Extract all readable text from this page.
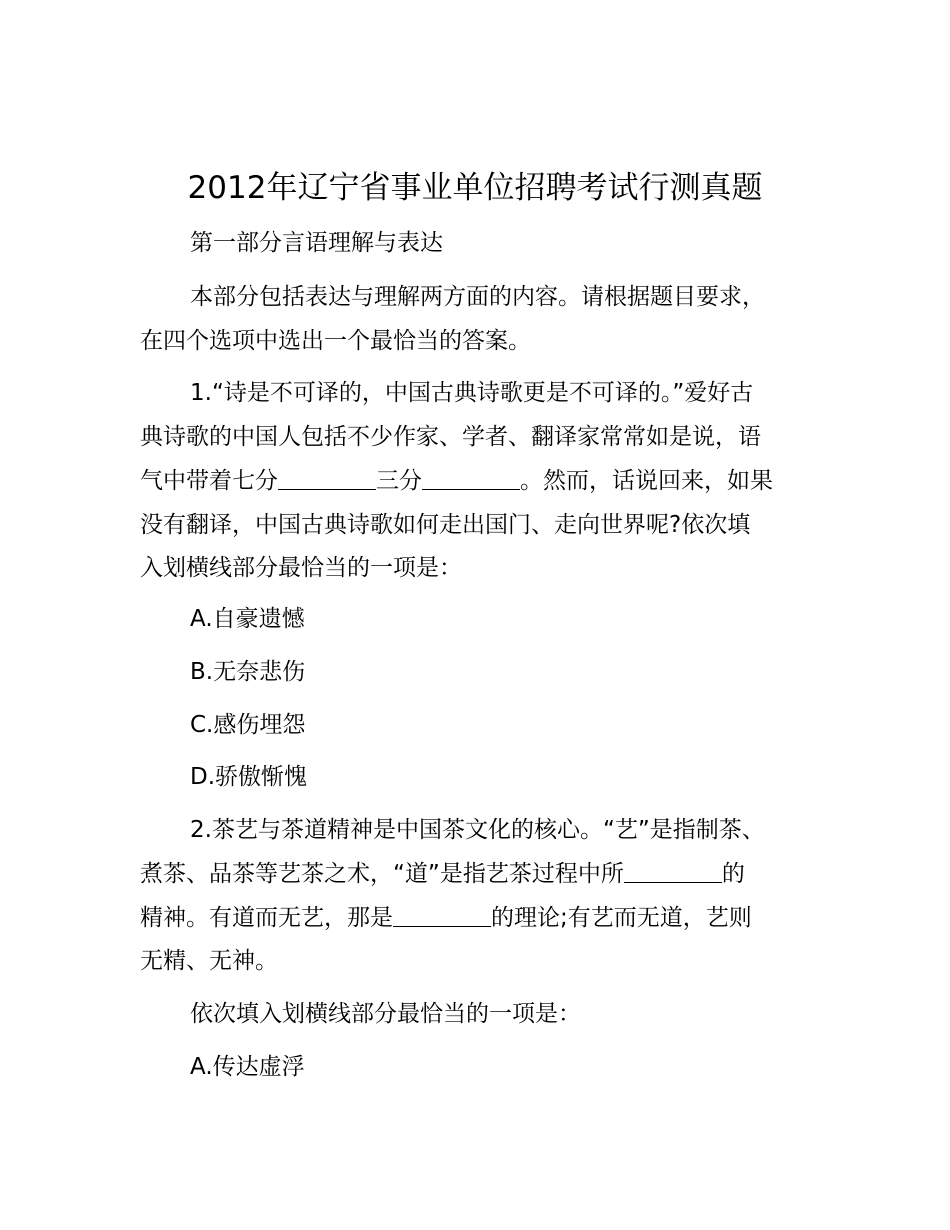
2012年辽宁省事业单位招聘考试行测真题

第一部分言语理解与表达

本部分包括表达与理解两方面的内容。请根据题目要求，

在四个选项中选出一个最恰当的答案。

1.“诗是不可译的，中国古典诗歌更是不可译的。”爱好古

典诗歌的中国人包括不少作家、学者、翻译家常常如是说，语

气中带着七分	三分	。然而，话说回来，如果

没有翻译，中国古典诗歌如何走出国门、走向世界呢?依次填

入划横线部分最恰当的一项是：

A.自豪遗憾

B.无奈悲伤

C.感伤埋怨

D.骄傲惭愧

2.茶艺与茶道精神是中国茶文化的核心。“艺”是指制茶、

煮茶、品茶等艺茶之术，“道”是指艺茶过程中所	的

精神。有道而无艺，那是	的理论;有艺而无道，艺则

无精、无神。

依次填入划横线部分最恰当的一项是：

A.传达虚浮
